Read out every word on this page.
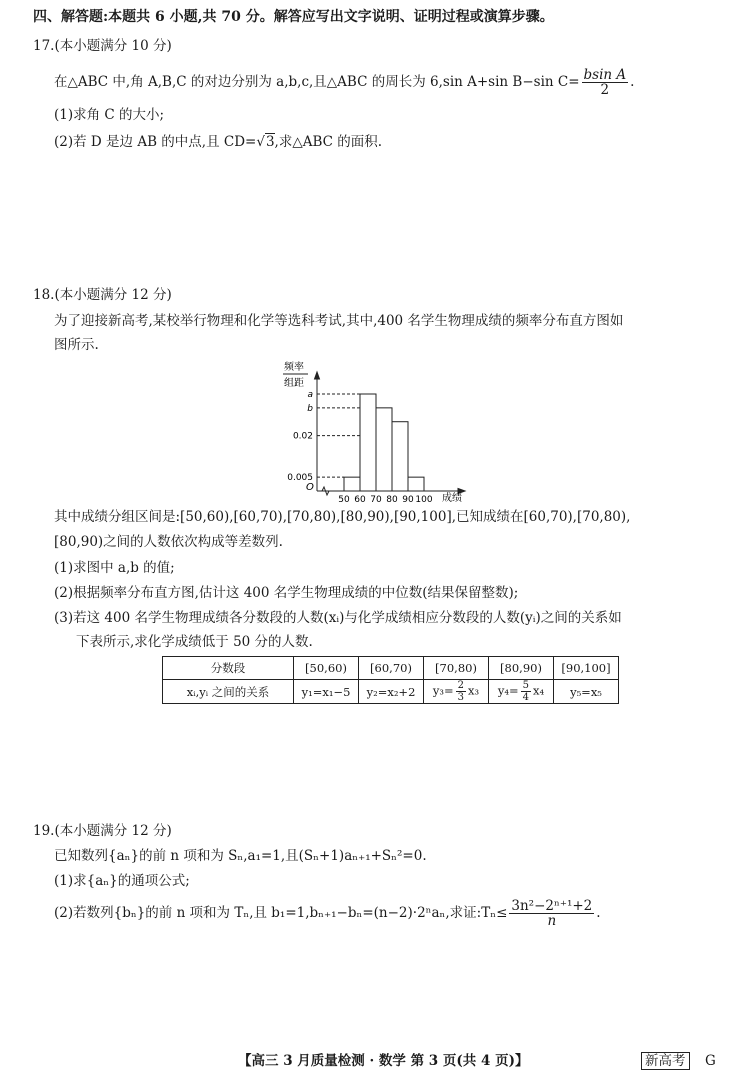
四、解答题:本题共 6 小题,共 70 分。解答应写出文字说明、证明过程或演算步骤。
17.(本小题满分 10 分)
在△ABC 中,角 A,B,C 的对边分别为 a,b,c,且△ABC 的周长为 6,sin A+sin B−sin $C= \frac{\text{bsin A}}{2}$ .
(1)求角 C 的大小;
(2)若 D 是边 AB 的中点,且 CD=√3,求△ABC 的面积.
18.(本小题满分 12 分)
为了迎接新高考,某校举行物理和化学等选科考试,其中,400 名学生物理成绩的频率分布直方图如
图所示.
频率
组距
O
成绩
a
b
0.02
0.005
50 60 70 80 90 100
其中成绩分组区间是:[50,60),[60,70),[70,80),[80,90),[90,100],已知成绩在[60,70),[70,80),
[80,90)之间的人数依次构成等差数列.
(1)求图中 a,b 的值;
(2)根据频率分布直方图,估计这 400 名学生物理成绩的中位数(结果保留整数);
(3)若这 400 名学生物理成绩各分数段的人数(xᵢ)与化学成绩相应分数段的人数(yᵢ)之间的关系如
下表所示,求化学成绩低于 50 分的人数.
分数段	[50,60)	[60,70)	[70,80)	[80,90)	[90,100]
xᵢ,yᵢ 之间的关系	y₁=x₁−5	y₂=x₂+2	$y_3= \frac{2}{3} x_3$	$y_4= \frac{5}{4} x_4$	y₅=x₅
19.(本小题满分 12 分)
已知数列{aₙ}的前 n 项和为 Sₙ,a₁=1,且(Sₙ+1)aₙ₊₁+Sₙ²=0.
(1)求{aₙ}的通项公式;
(2)若数列{bₙ}的前 n 项和为 Tₙ,且 b₁=1,bₙ₊₁−bₙ=(n−2)·2ⁿaₙ,求证:Tₙ≤ $\frac{\text{3n²−2ⁿ⁺¹+2}}{n}$ .
【高三 3 月质量检测 · 数学 第 3 页(共 4 页)】	新高考 G
